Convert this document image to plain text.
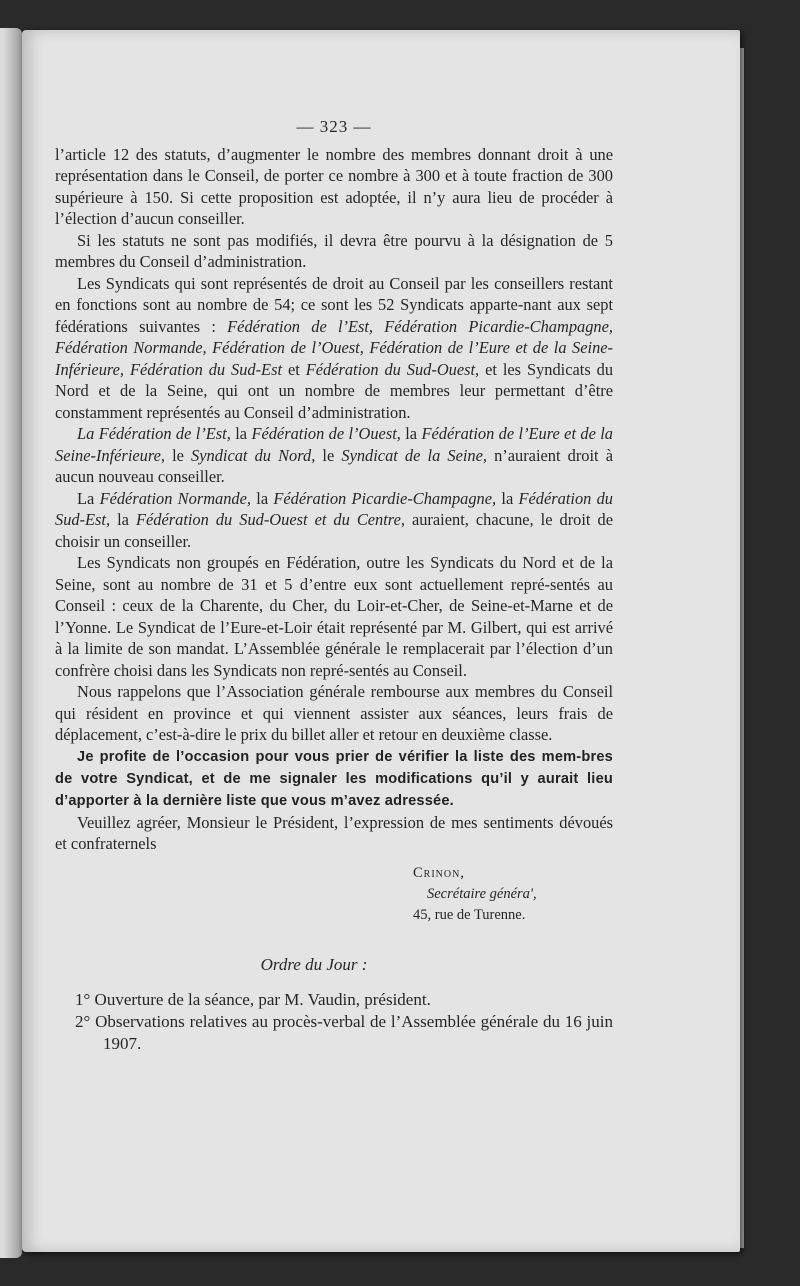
— 323 —

l’article 12 des statuts, d’augmenter le nombre des membres donnant droit à une représentation dans le Conseil, de porter ce nombre à 300 et à toute fraction de 300 supérieure à 150. Si cette proposition est adoptée, il n’y aura lieu de procéder à l’élection d’aucun conseiller.

Si les statuts ne sont pas modifiés, il devra être pourvu à la désignation de 5 membres du Conseil d’administration.

Les Syndicats qui sont représentés de droit au Conseil par les conseillers restant en fonctions sont au nombre de 54; ce sont les 52 Syndicats apparte-nant aux sept fédérations suivantes : Fédération de l’Est, Fédération Picardie-Champagne, Fédération Normande, Fédération de l’Ouest, Fédération de l’Eure et de la Seine-Inférieure, Fédération du Sud-Est et Fédération du Sud-Ouest, et les Syndicats du Nord et de la Seine, qui ont un nombre de membres leur permettant d’être constamment représentés au Conseil d’administration.

La Fédération de l’Est, la Fédération de l’Ouest, la Fédération de l’Eure et de la Seine-Inférieure, le Syndicat du Nord, le Syndicat de la Seine, n’auraient droit à aucun nouveau conseiller.

La Fédération Normande, la Fédération Picardie-Champagne, la Fédération du Sud-Est, la Fédération du Sud-Ouest et du Centre, auraient, chacune, le droit de choisir un conseiller.

Les Syndicats non groupés en Fédération, outre les Syndicats du Nord et de la Seine, sont au nombre de 31 et 5 d’entre eux sont actuellement repré-sentés au Conseil : ceux de la Charente, du Cher, du Loir-et-Cher, de Seine-et-Marne et de l’Yonne. Le Syndicat de l’Eure-et-Loir était représenté par M. Gilbert, qui est arrivé à la limite de son mandat. L’Assemblée générale le remplacerait par l’élection d’un confrère choisi dans les Syndicats non repré-sentés au Conseil.

Nous rappelons que l’Association générale rembourse aux membres du Conseil qui résident en province et qui viennent assister aux séances, leurs frais de déplacement, c’est-à-dire le prix du billet aller et retour en deuxième classe.

Je profite de l’occasion pour vous prier de vérifier la liste des mem-bres de votre Syndicat, et de me signaler les modifications qu’il y aurait lieu d’apporter à la dernière liste que vous m’avez adressée.

Veuillez agréer, Monsieur le Président, l’expression de mes sentiments dévoués et confraternels

Crinon,
Secrétaire généra',
45, rue de Turenne.
Ordre du Jour :
1° Ouverture de la séance, par M. Vaudin, président.
2° Observations relatives au procès-verbal de l’Assemblée générale du 16 juin 1907.
